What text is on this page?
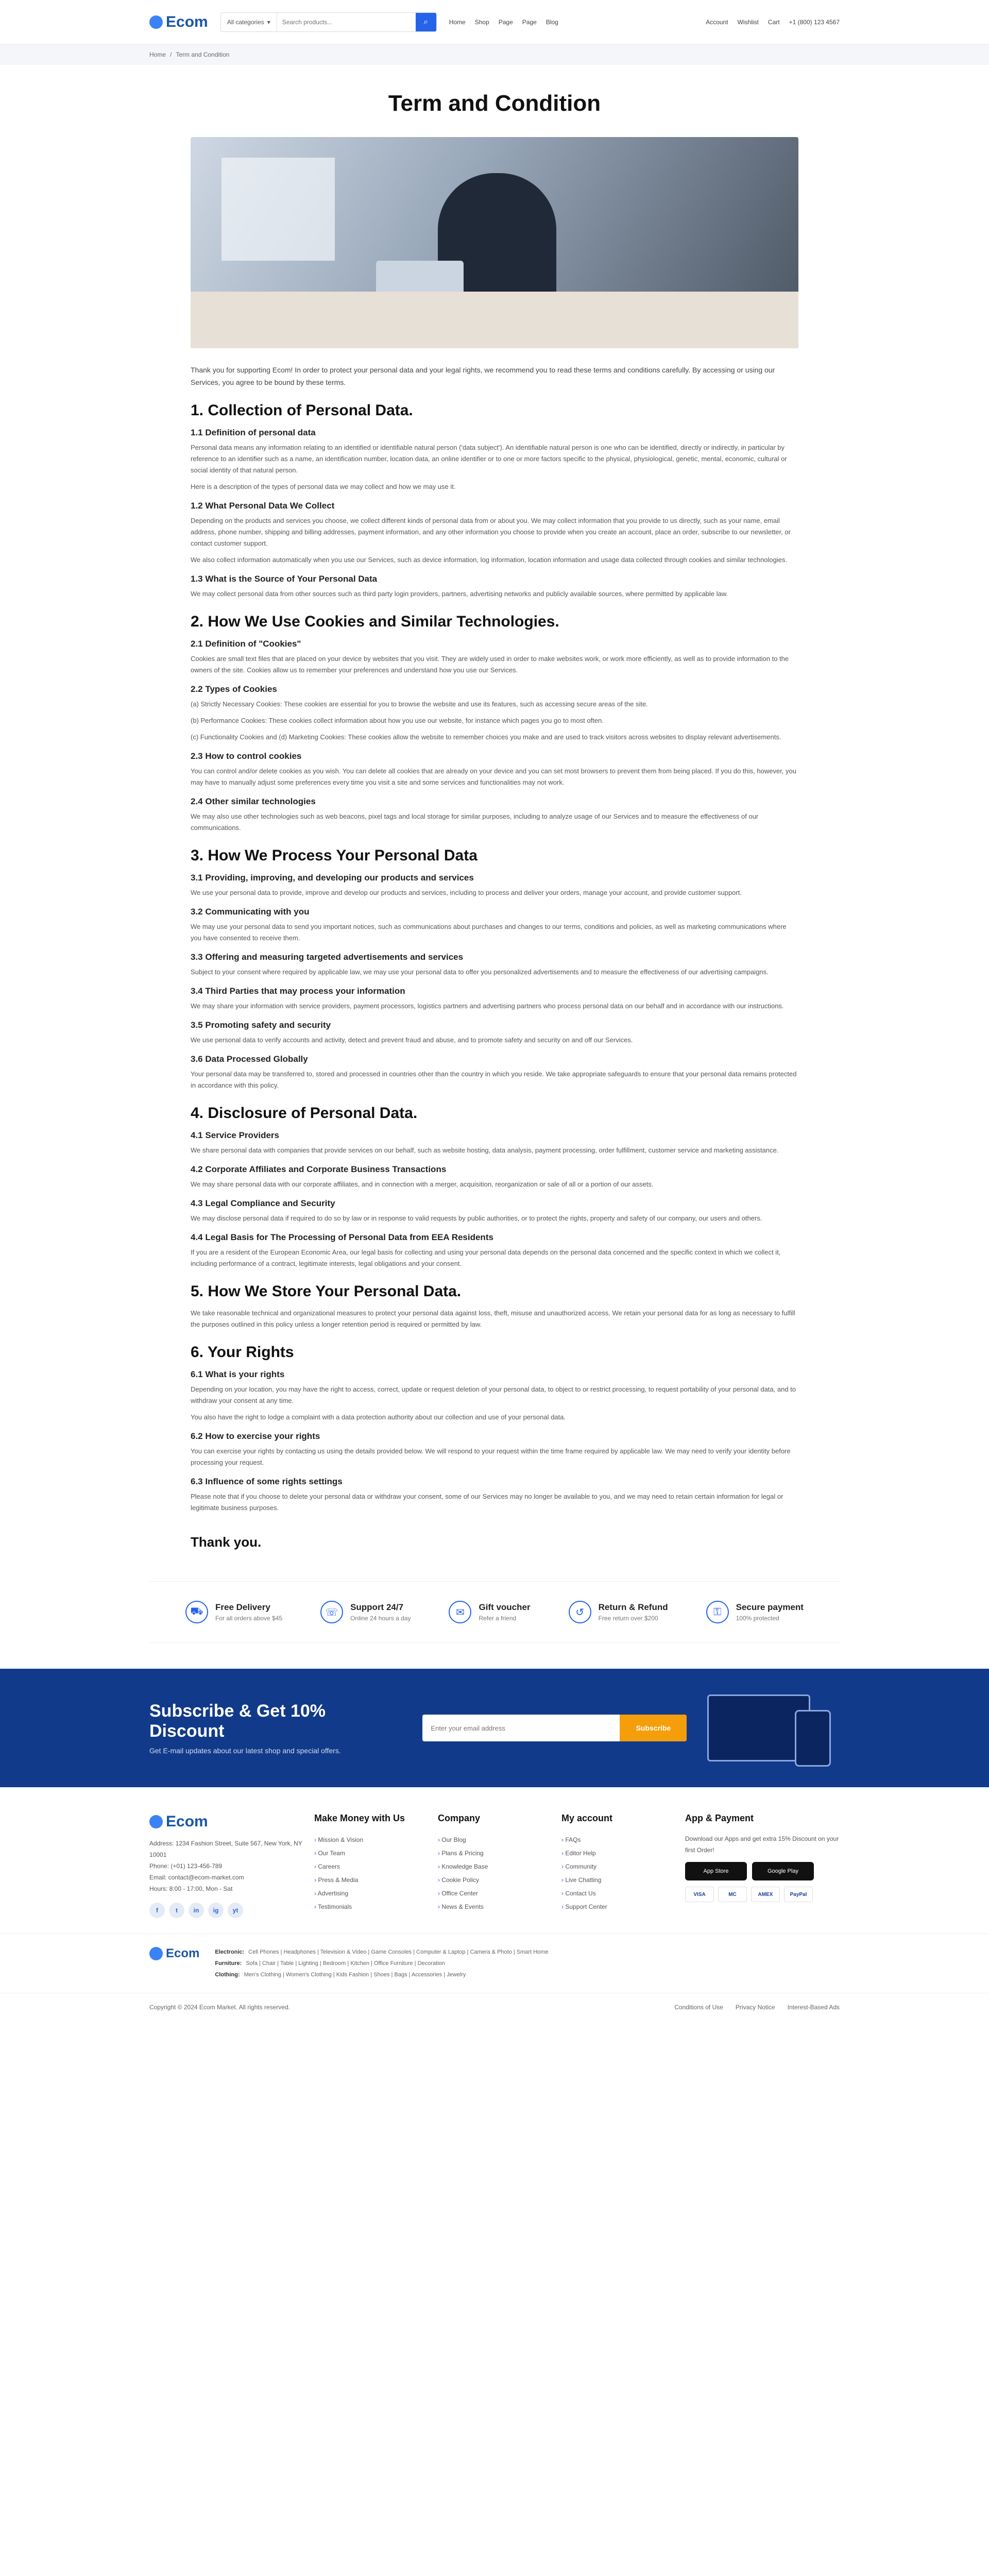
Ecom	All categories ▾
Search products...	⌕	Home Shop Page Page Blog	Account Wishlist Cart +1 (800) 123 4567
Home / Term and Condition
Term and Condition

Thank you for supporting Ecom! In order to protect your personal data and your legal rights, we recommend you to read these terms and conditions carefully. By accessing or using our Services, you agree to be bound by these terms.

1. Collection of Personal Data.
1.1 Definition of personal data

Personal data means any information relating to an identified or identifiable natural person ('data subject'). An identifiable natural person is one who can be identified, directly or indirectly, in particular by reference to an identifier such as a name, an identification number, location data, an online identifier or to one or more factors specific to the physical, physiological, genetic, mental, economic, cultural or social identity of that natural person.

Here is a description of the types of personal data we may collect and how we may use it.

1.2 What Personal Data We Collect

Depending on the products and services you choose, we collect different kinds of personal data from or about you. We may collect information that you provide to us directly, such as your name, email address, phone number, shipping and billing addresses, payment information, and any other information you choose to provide when you create an account, place an order, subscribe to our newsletter, or contact customer support.

We also collect information automatically when you use our Services, such as device information, log information, location information and usage data collected through cookies and similar technologies.

1.3 What is the Source of Your Personal Data

We may collect personal data from other sources such as third party login providers, partners, advertising networks and publicly available sources, where permitted by applicable law.

2. How We Use Cookies and Similar Technologies.
2.1 Definition of "Cookies"

Cookies are small text files that are placed on your device by websites that you visit. They are widely used in order to make websites work, or work more efficiently, as well as to provide information to the owners of the site. Cookies allow us to remember your preferences and understand how you use our Services.

2.2 Types of Cookies

(a) Strictly Necessary Cookies: These cookies are essential for you to browse the website and use its features, such as accessing secure areas of the site.

(b) Performance Cookies: These cookies collect information about how you use our website, for instance which pages you go to most often.

(c) Functionality Cookies and (d) Marketing Cookies: These cookies allow the website to remember choices you make and are used to track visitors across websites to display relevant advertisements.

2.3 How to control cookies

You can control and/or delete cookies as you wish. You can delete all cookies that are already on your device and you can set most browsers to prevent them from being placed. If you do this, however, you may have to manually adjust some preferences every time you visit a site and some services and functionalities may not work.

2.4 Other similar technologies

We may also use other technologies such as web beacons, pixel tags and local storage for similar purposes, including to analyze usage of our Services and to measure the effectiveness of our communications.

3. How We Process Your Personal Data
3.1 Providing, improving, and developing our products and services

We use your personal data to provide, improve and develop our products and services, including to process and deliver your orders, manage your account, and provide customer support.

3.2 Communicating with you

We may use your personal data to send you important notices, such as communications about purchases and changes to our terms, conditions and policies, as well as marketing communications where you have consented to receive them.

3.3 Offering and measuring targeted advertisements and services

Subject to your consent where required by applicable law, we may use your personal data to offer you personalized advertisements and to measure the effectiveness of our advertising campaigns.

3.4 Third Parties that may process your information

We may share your information with service providers, payment processors, logistics partners and advertising partners who process personal data on our behalf and in accordance with our instructions.

3.5 Promoting safety and security

We use personal data to verify accounts and activity, detect and prevent fraud and abuse, and to promote safety and security on and off our Services.

3.6 Data Processed Globally

Your personal data may be transferred to, stored and processed in countries other than the country in which you reside. We take appropriate safeguards to ensure that your personal data remains protected in accordance with this policy.

4. Disclosure of Personal Data.
4.1 Service Providers

We share personal data with companies that provide services on our behalf, such as website hosting, data analysis, payment processing, order fulfillment, customer service and marketing assistance.

4.2 Corporate Affiliates and Corporate Business Transactions

We may share personal data with our corporate affiliates, and in connection with a merger, acquisition, reorganization or sale of all or a portion of our assets.

4.3 Legal Compliance and Security

We may disclose personal data if required to do so by law or in response to valid requests by public authorities, or to protect the rights, property and safety of our company, our users and others.

4.4 Legal Basis for The Processing of Personal Data from EEA Residents

If you are a resident of the European Economic Area, our legal basis for collecting and using your personal data depends on the personal data concerned and the specific context in which we collect it, including performance of a contract, legitimate interests, legal obligations and your consent.

5. How We Store Your Personal Data.

We take reasonable technical and organizational measures to protect your personal data against loss, theft, misuse and unauthorized access. We retain your personal data for as long as necessary to fulfill the purposes outlined in this policy unless a longer retention period is required or permitted by law.

6. Your Rights
6.1 What is your rights

Depending on your location, you may have the right to access, correct, update or request deletion of your personal data, to object to or restrict processing, to request portability of your personal data, and to withdraw your consent at any time.

You also have the right to lodge a complaint with a data protection authority about our collection and use of your personal data.

6.2 How to exercise your rights

You can exercise your rights by contacting us using the details provided below. We will respond to your request within the time frame required by applicable law. We may need to verify your identity before processing your request.

6.3 Influence of some rights settings

Please note that if you choose to delete your personal data or withdraw your consent, some of our Services may no longer be available to you, and we may need to retain certain information for legal or legitimate business purposes.

Thank you.

⛟	Free Delivery
For all orders above $45
☏	Support 24/7
Online 24 hours a day
✉	Gift voucher
Refer a friend
↺	Return & Refund
Free return over $200
⚿	Secure payment
100% protected
Subscribe & Get 10% Discount

Get E-mail updates about our latest shop and special offers.

Enter your email address
Subscribe
Ecom
Address: 1234 Fashion Street, Suite 567, New York, NY 10001
Phone: (+01) 123-456-789
Email: contact@ecom-market.com
Hours: 8:00 - 17:00, Mon - Sat
f	t	in	ig	yt
Make Money with Us
› Mission & Vision
› Our Team
› Careers
› Press & Media
› Advertising
› Testimonials
Company
› Our Blog
› Plans & Pricing
› Knowledge Base
› Cookie Policy
› Office Center
› News & Events
My account
› FAQs
› Editor Help
› Community
› Live Chatting
› Contact Us
› Support Center
App & Payment
Download our Apps and get extra 15% Discount on your first Order!
App Store	Google Play
VISA	MC	AMEX	PayPal
Ecom	Electronic: Cell Phones | Headphones | Television & Video | Game Consoles | Computer & Laptop | Camera & Photo | Smart Home
Furniture: Sofa | Chair | Table | Lighting | Bedroom | Kitchen | Office Furniture | Decoration
Clothing: Men's Clothing | Women's Clothing | Kids Fashion | Shoes | Bags | Accessories | Jewelry
Copyright © 2024 Ecom Market. All rights reserved.	Conditions of Use Privacy Notice Interest-Based Ads
